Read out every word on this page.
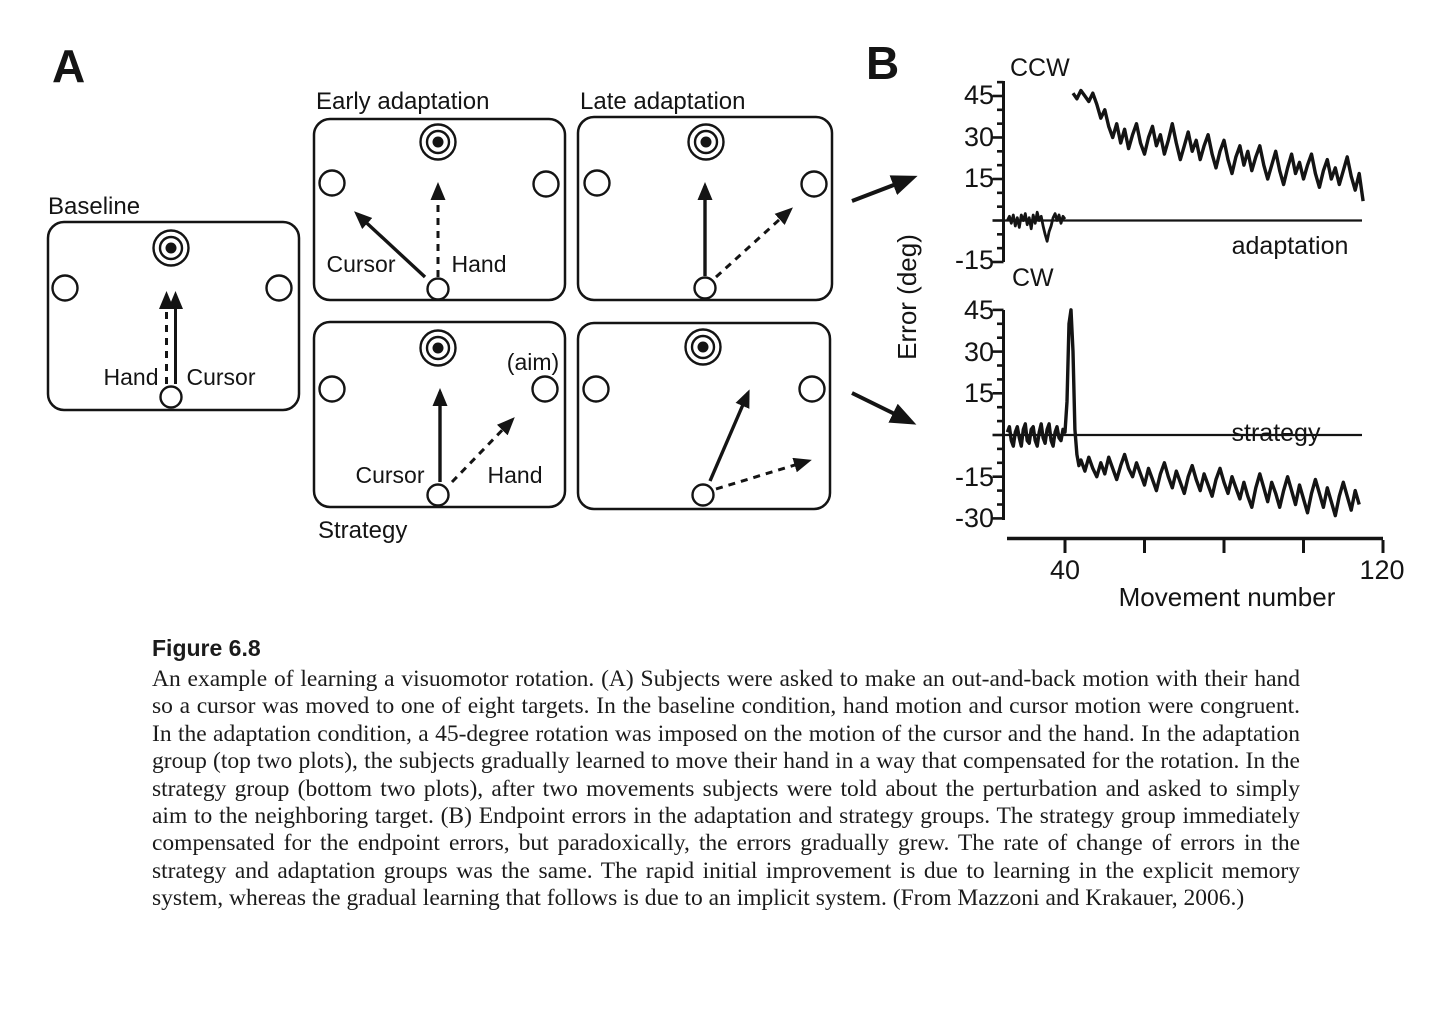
A
Baseline
Hand Cursor
Early adaptation
Cursor Hand
Late adaptation
(aim)
Cursor	Hand
Strategy
B	CCW
CW
45
30
15
-15
45
30
15
-15
-30
adaptation
strategy
Error (deg)
40	120
Movement number
Figure 6.8

An example of learning a visuomotor rotation. (A) Subjects were asked to make an out-and-back motion with their hand so a cursor was moved to one of eight targets. In the baseline condition, hand motion and cursor motion were congruent. In the adaptation condition, a 45-degree rotation was imposed on the motion of the cursor and the hand. In the adaptation group (top two plots), the subjects gradually learned to move their hand in a way that compensated for the rotation. In the strategy group (bottom two plots), after two movements subjects were told about the perturbation and asked to simply aim to the neighboring target. (B) Endpoint errors in the adaptation and strategy groups. The strategy group immediately compensated for the endpoint errors, but paradoxically, the errors gradually grew. The rate of change of errors in the strategy and adaptation groups was the same. The rapid initial improvement is due to learning in the explicit memory system, whereas the gradual learning that follows is due to an implicit system. (From Mazzoni and Krakauer, 2006.)
